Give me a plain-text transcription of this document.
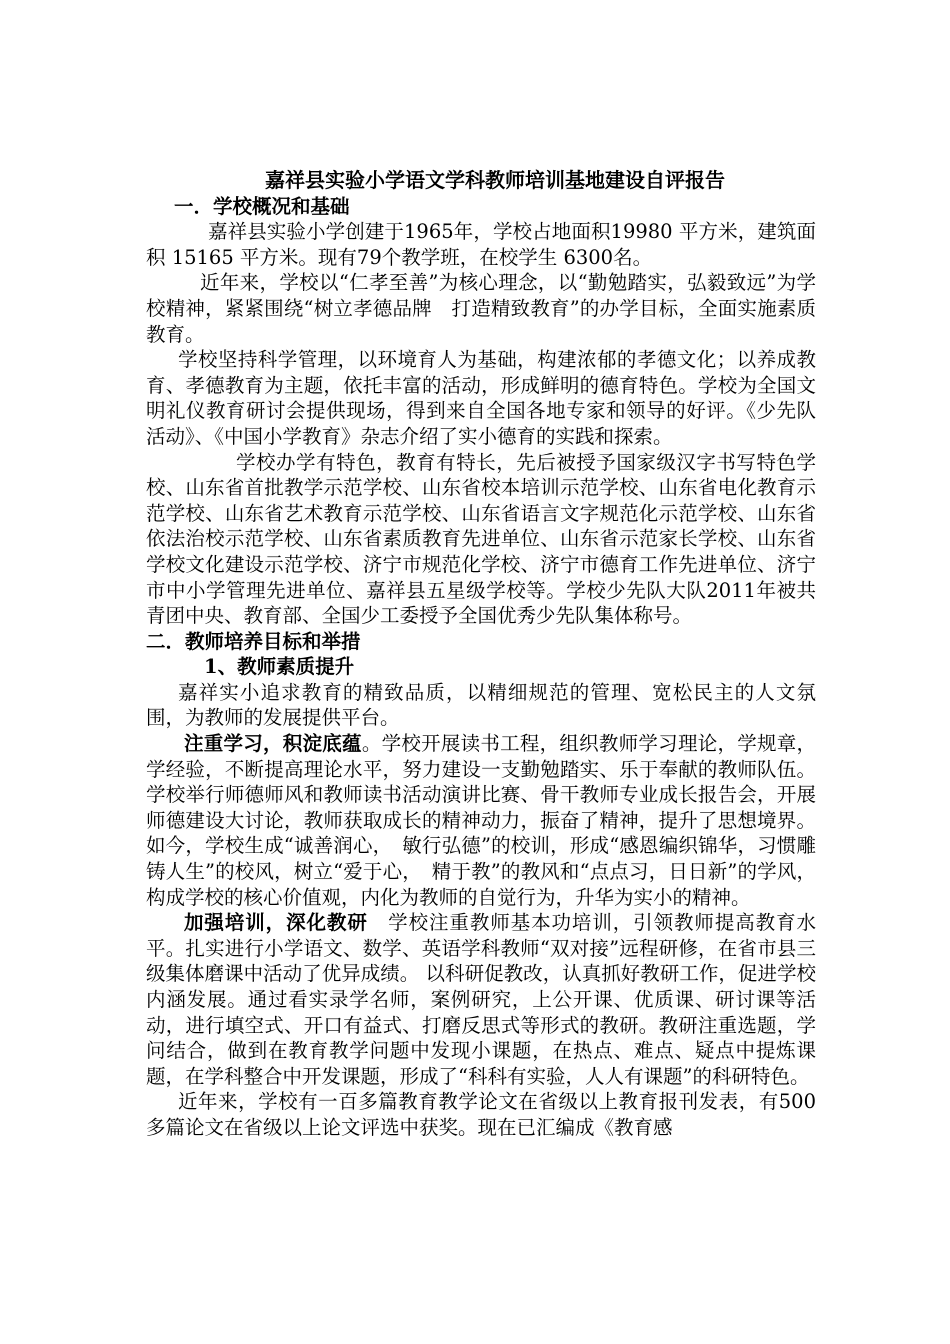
嘉祥县实验小学语文学科教师培训基地建设自评报告
一．学校概况和基础

嘉祥县实验小学创建于1965年，学校占地面积19980 平方米，建筑面积 15165 平方米。现有79个教学班，在校学生 6300名。

近年来，学校以“仁孝至善”为核心理念，以“勤勉踏实，弘毅致远”为学校精神，紧紧围绕“树立孝德品牌　打造精致教育”的办学目标，全面实施素质教育。

学校坚持科学管理，以环境育人为基础，构建浓郁的孝德文化；以养成教育、孝德教育为主题，依托丰富的活动，形成鲜明的德育特色。学校为全国文明礼仪教育研讨会提供现场，得到来自全国各地专家和领导的好评。《少先队活动》、《中国小学教育》杂志介绍了实小德育的实践和探索。

学校办学有特色，教育有特长，先后被授予国家级汉字书写特色学校、山东省首批教学示范学校、山东省校本培训示范学校、山东省电化教育示范学校、山东省艺术教育示范学校、山东省语言文字规范化示范学校、山东省依法治校示范学校、山东省素质教育先进单位、山东省示范家长学校、山东省学校文化建设示范学校、济宁市规范化学校、济宁市德育工作先进单位、济宁市中小学管理先进单位、嘉祥县五星级学校等。学校少先队大队2011年被共青团中央、教育部、全国少工委授予全国优秀少先队集体称号。

二．教师培养目标和举措
1、教师素质提升

嘉祥实小追求教育的精致品质，以精细规范的管理、宽松民主的人文氛围，为教师的发展提供平台。

注重学习，积淀底蕴。学校开展读书工程，组织教师学习理论，学规章，学经验，不断提高理论水平，努力建设一支勤勉踏实、乐于奉献的教师队伍。学校举行师德师风和教师读书活动演讲比赛、骨干教师专业成长报告会，开展师德建设大讨论，教师获取成长的精神动力，振奋了精神，提升了思想境界。如今，学校生成“诚善润心，　敏行弘德”的校训，形成“感恩编织锦华，习惯雕铸人生”的校风，树立“爱于心，　精于教”的教风和“点点习，日日新”的学风，构成学校的核心价值观，内化为教师的自觉行为，升华为实小的精神。

加强培训，深化教研　学校注重教师基本功培训，引领教师提高教育水平。扎实进行小学语文、数学、英语学科教师“双对接”远程研修，在省市县三级集体磨课中活动了优异成绩。 以科研促教改，认真抓好教研工作，促进学校内涵发展。通过看实录学名师，案例研究，上公开课、优质课、研讨课等活动，进行填空式、开口有益式、打磨反思式等形式的教研。教研注重选题，学问结合，做到在教育教学问题中发现小课题，在热点、难点、疑点中提炼课题，在学科整合中开发课题，形成了“科科有实验，人人有课题”的科研特色。

近年来，学校有一百多篇教育教学论文在省级以上教育报刊发表，有500多篇论文在省级以上论文评选中获奖。现在已汇编成《教育感
